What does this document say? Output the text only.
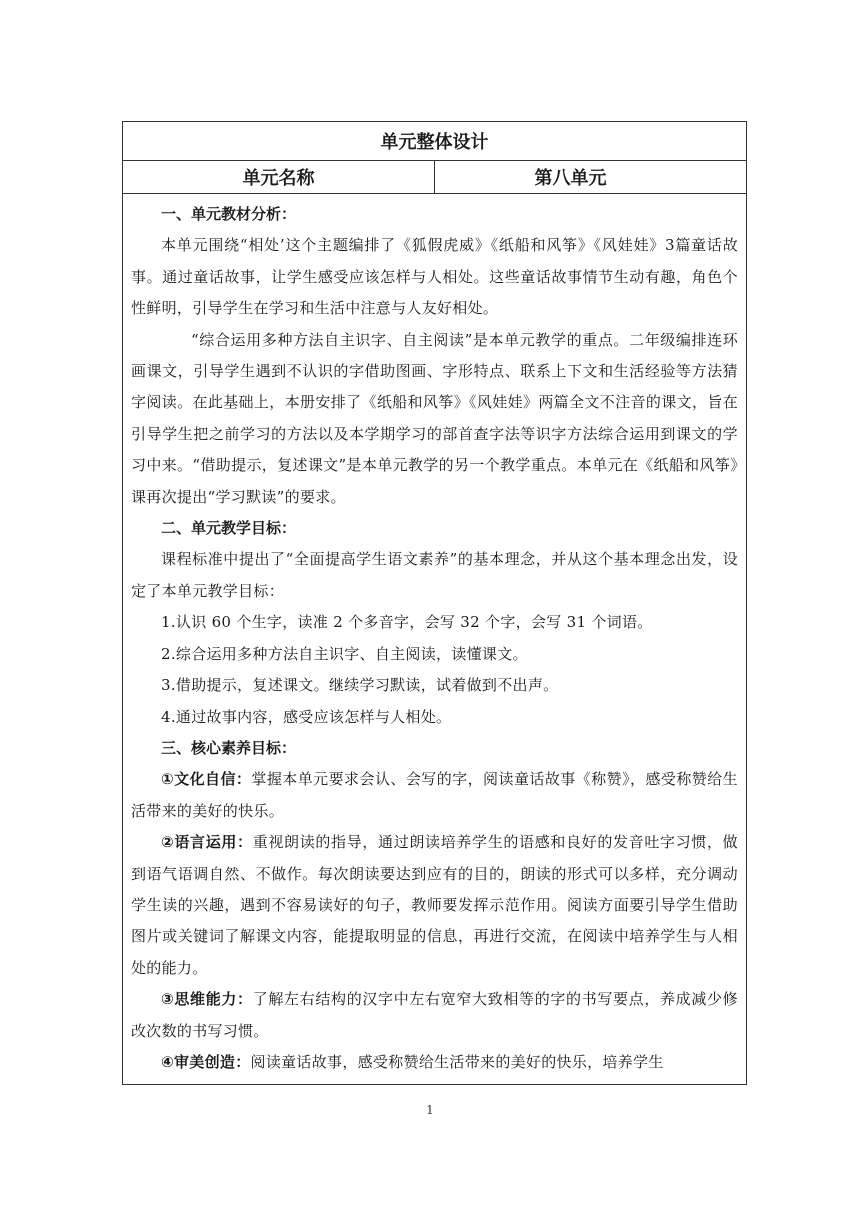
单元整体设计
单元名称	第八单元

一、单元教材分析：

本单元围绕“相处’这个主题编排了《狐假虎威》《纸船和风筝》《风娃娃》3篇童话故事。通过童话故事，让学生感受应该怎样与人相处。这些童话故事情节生动有趣，角色个性鲜明，引导学生在学习和生活中注意与人友好相处。

“综合运用多种方法自主识字、自主阅读”是本单元教学的重点。二年级编排连环画课文，引导学生遇到不认识的字借助图画、字形特点、联系上下文和生活经验等方法猜字阅读。在此基础上，本册安排了《纸船和风筝》《风娃娃》两篇全文不注音的课文，旨在引导学生把之前学习的方法以及本学期学习的部首查字法等识字方法综合运用到课文的学习中来。“借助提示，复述课文”是本单元教学的另一个教学重点。本单元在《纸船和风筝》课再次提出“学习默读”的要求。

二、单元教学目标：

课程标准中提出了“全面提高学生语文素养”的基本理念，并从这个基本理念出发，设定了本单元教学目标：

1.认识 60 个生字，读准 2 个多音字，会写 32 个字，会写 31 个词语。

2.综合运用多种方法自主识字、自主阅读，读懂课文。

3.借助提示，复述课文。继续学习默读，试着做到不出声。

4.通过故事内容，感受应该怎样与人相处。

三、核心素养目标：

①文化自信：掌握本单元要求会认、会写的字，阅读童话故事《称赞》，感受称赞给生活带来的美好的快乐。

②语言运用：重视朗读的指导，通过朗读培养学生的语感和良好的发音吐字习惯，做到语气语调自然、不做作。每次朗读要达到应有的目的，朗读的形式可以多样，充分调动学生读的兴趣，遇到不容易读好的句子，教师要发挥示范作用。阅读方面要引导学生借助图片或关键词了解课文内容，能提取明显的信息，再进行交流，在阅读中培养学生与人相处的能力。

③思维能力：了解左右结构的汉字中左右宽窄大致相等的字的书写要点，养成减少修改次数的书写习惯。

④审美创造：阅读童话故事，感受称赞给生活带来的美好的快乐，培养学生

1
